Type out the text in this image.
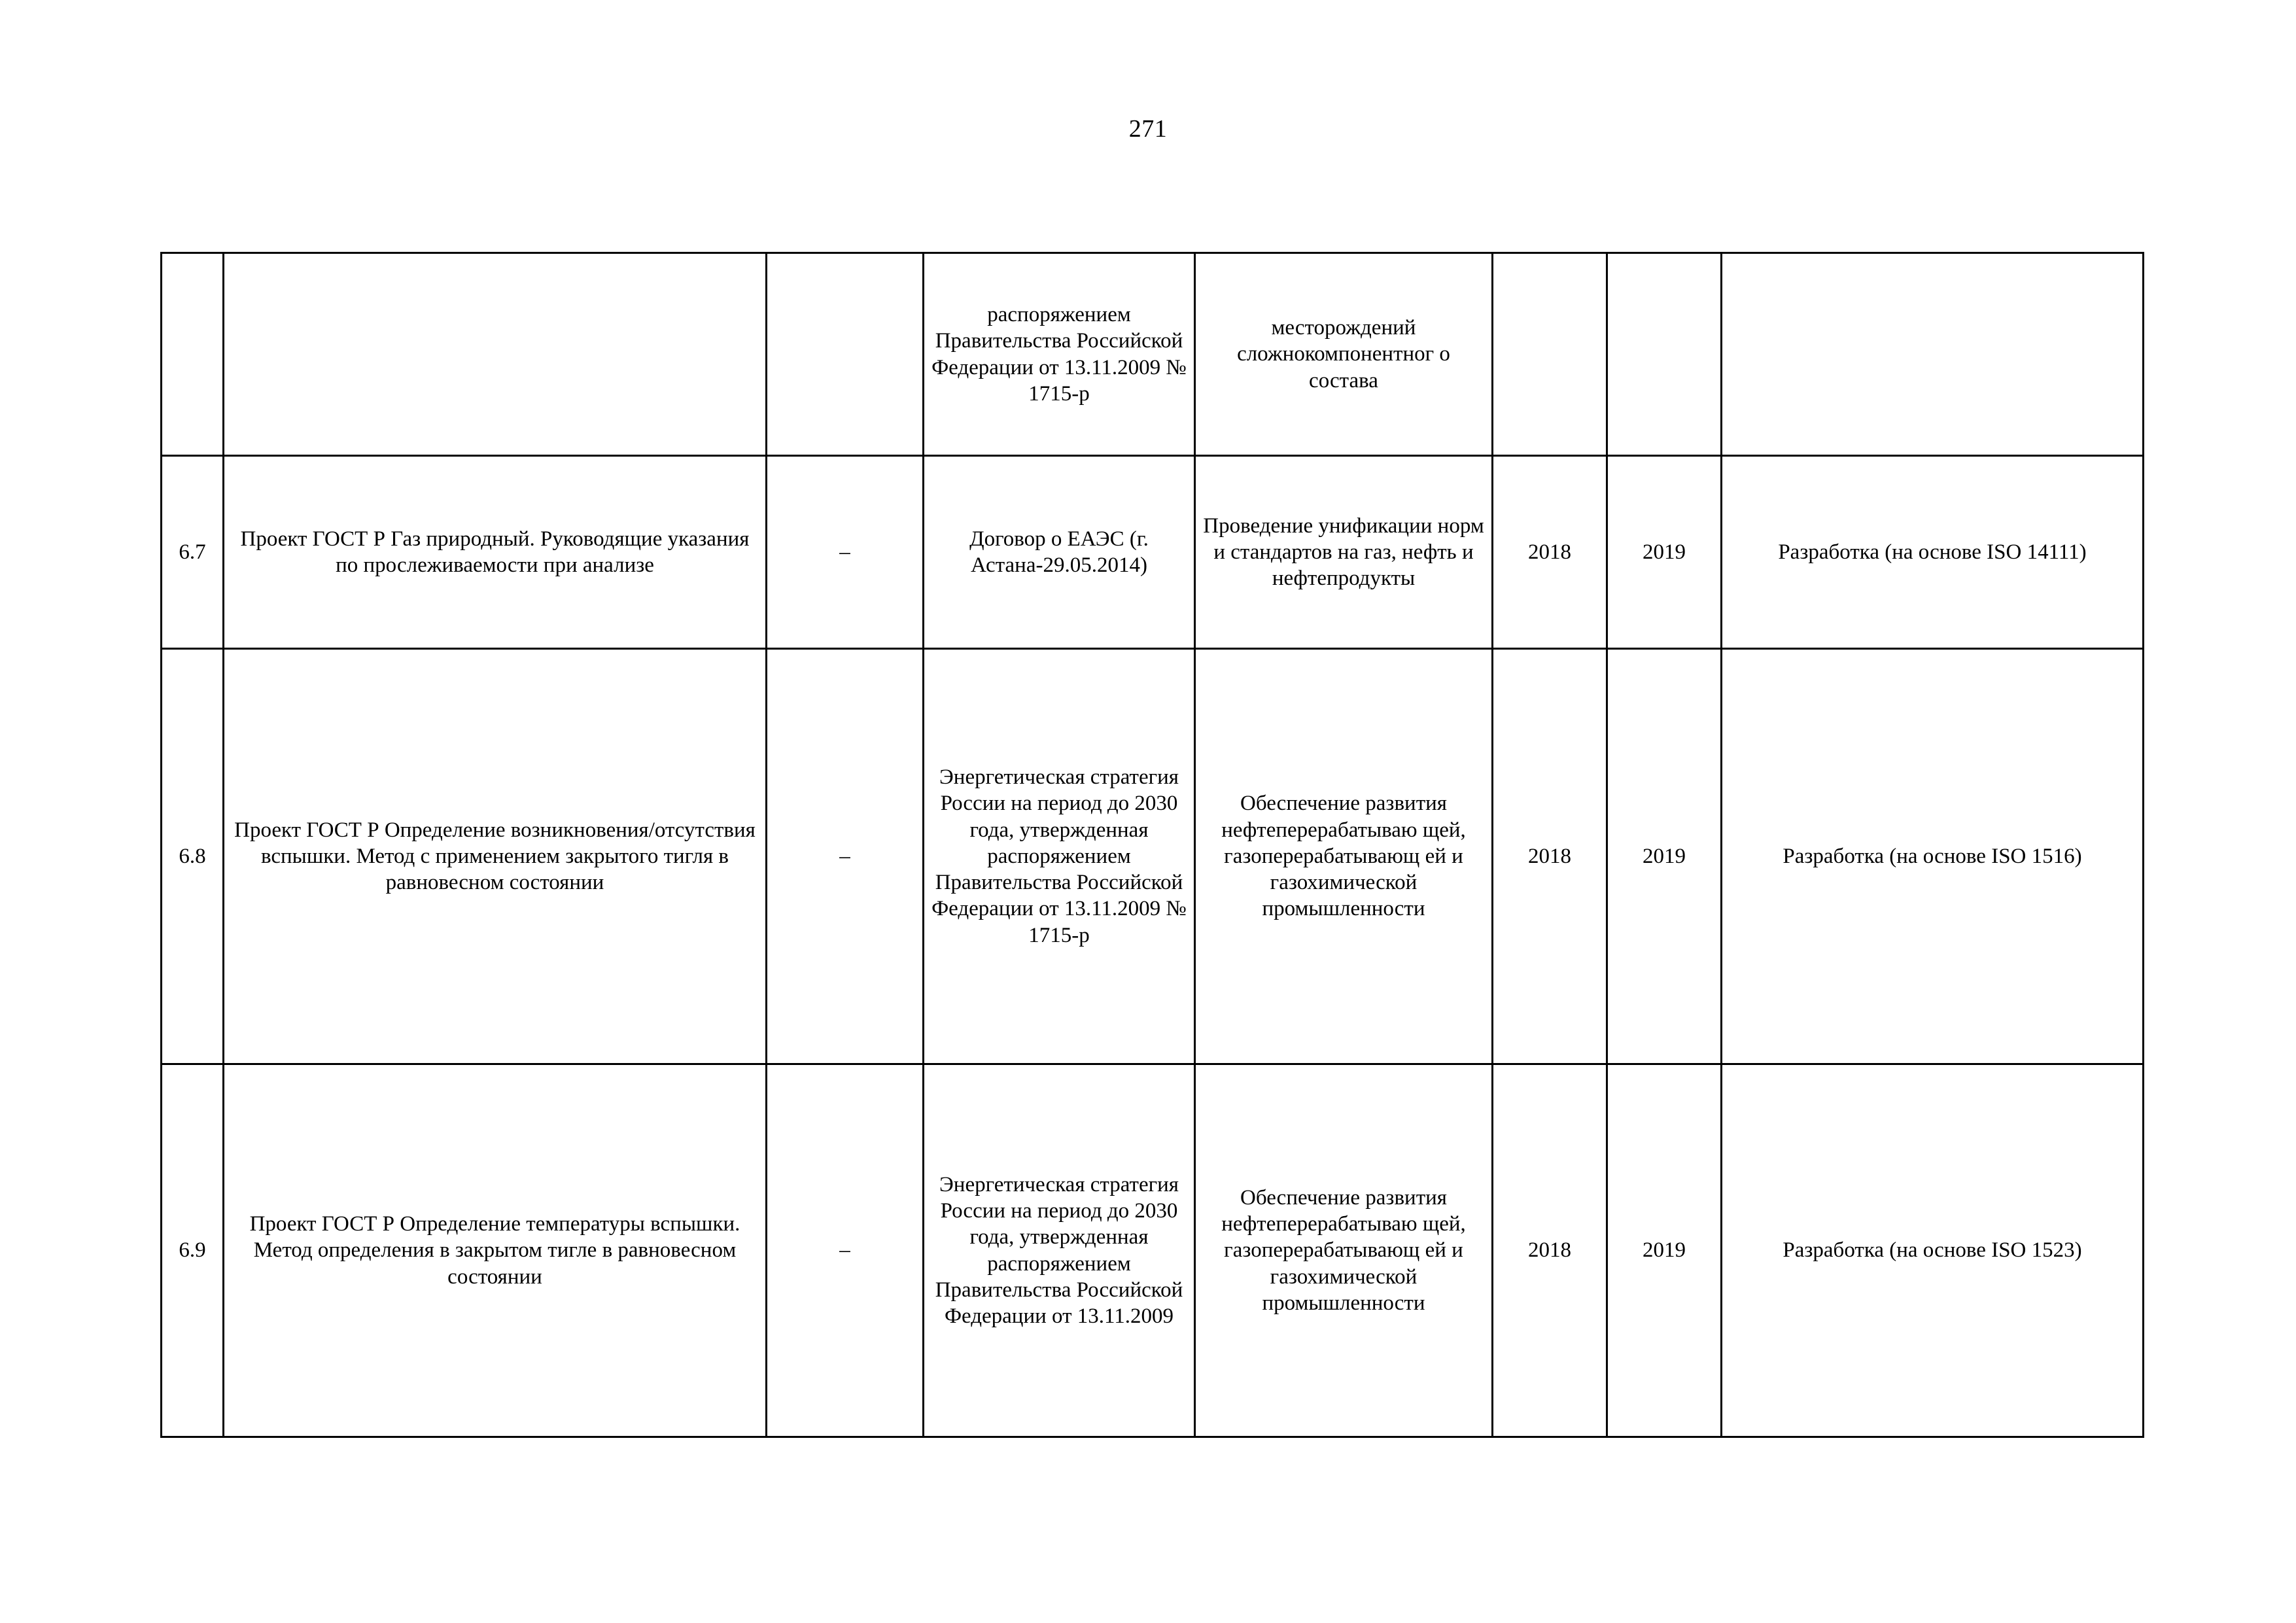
271
			распоряжением Правительства Российской Федерации от 13.11.2009 № 1715-р	месторождений сложнокомпонентног о состава			
6.7	Проект ГОСТ Р Газ природный. Руководящие указания по прослеживаемости при анализе	–	Договор о ЕАЭС (г. Астана-29.05.2014)	Проведение унификации норм и стандартов на газ, нефть и нефтепродукты	2018	2019	Разработка (на основе ISO 14111)
6.8	Проект ГОСТ Р Определение возникновения/отсутствия вспышки. Метод с применением закрытого тигля в равновесном состоянии	–	Энергетическая стратегия России на период до 2030 года, утвержденная распоряжением Правительства Российской Федерации от 13.11.2009 № 1715-р	Обеспечение развития нефтеперерабатываю щей, газоперерабатывающ ей и газохимической промышленности	2018	2019	Разработка (на основе ISO 1516)
6.9	Проект ГОСТ Р Определение температуры вспышки. Метод определения в закрытом тигле в равновесном состоянии	–	Энергетическая стратегия России на период до 2030 года, утвержденная распоряжением Правительства Российской Федерации от 13.11.2009	Обеспечение развития нефтеперерабатываю щей, газоперерабатывающ ей и газохимической промышленности	2018	2019	Разработка (на основе ISO 1523)
